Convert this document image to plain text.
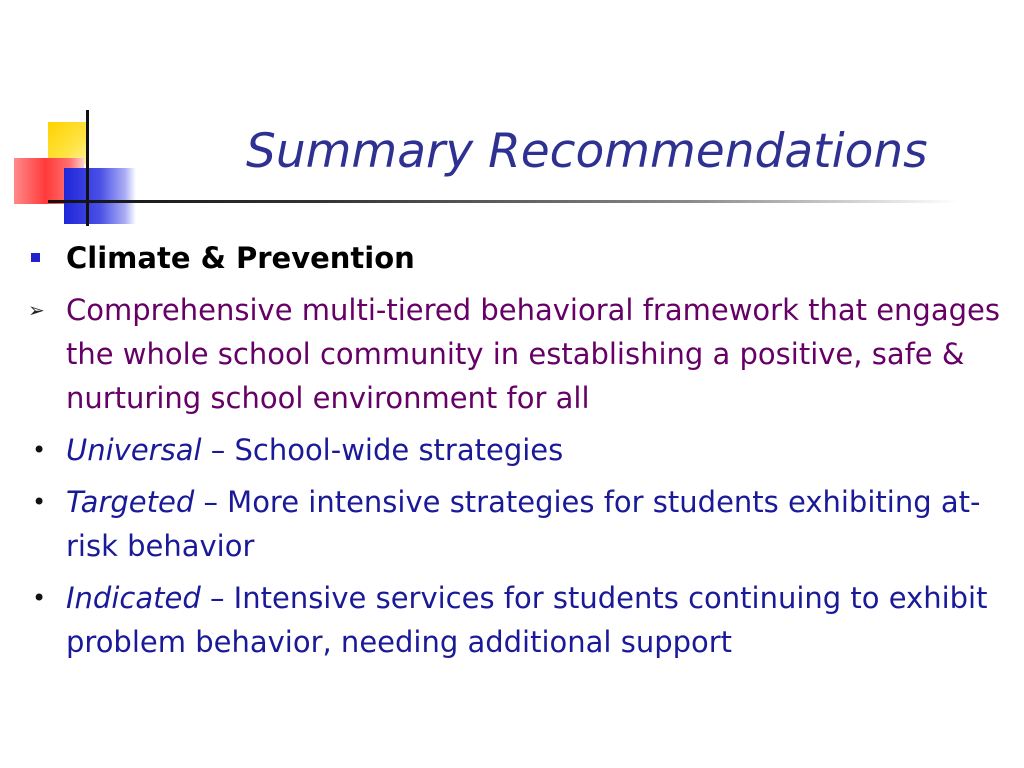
Summary Recommendations
Climate & Prevention
➢ Comprehensive multi-tiered behavioral framework that engages the whole school community in establishing a positive, safe & nurturing school environment for all
• Universal – School-wide strategies
• Targeted – More intensive strategies for students exhibiting at-risk behavior
• Indicated – Intensive services for students continuing to exhibit problem behavior, needing additional support
